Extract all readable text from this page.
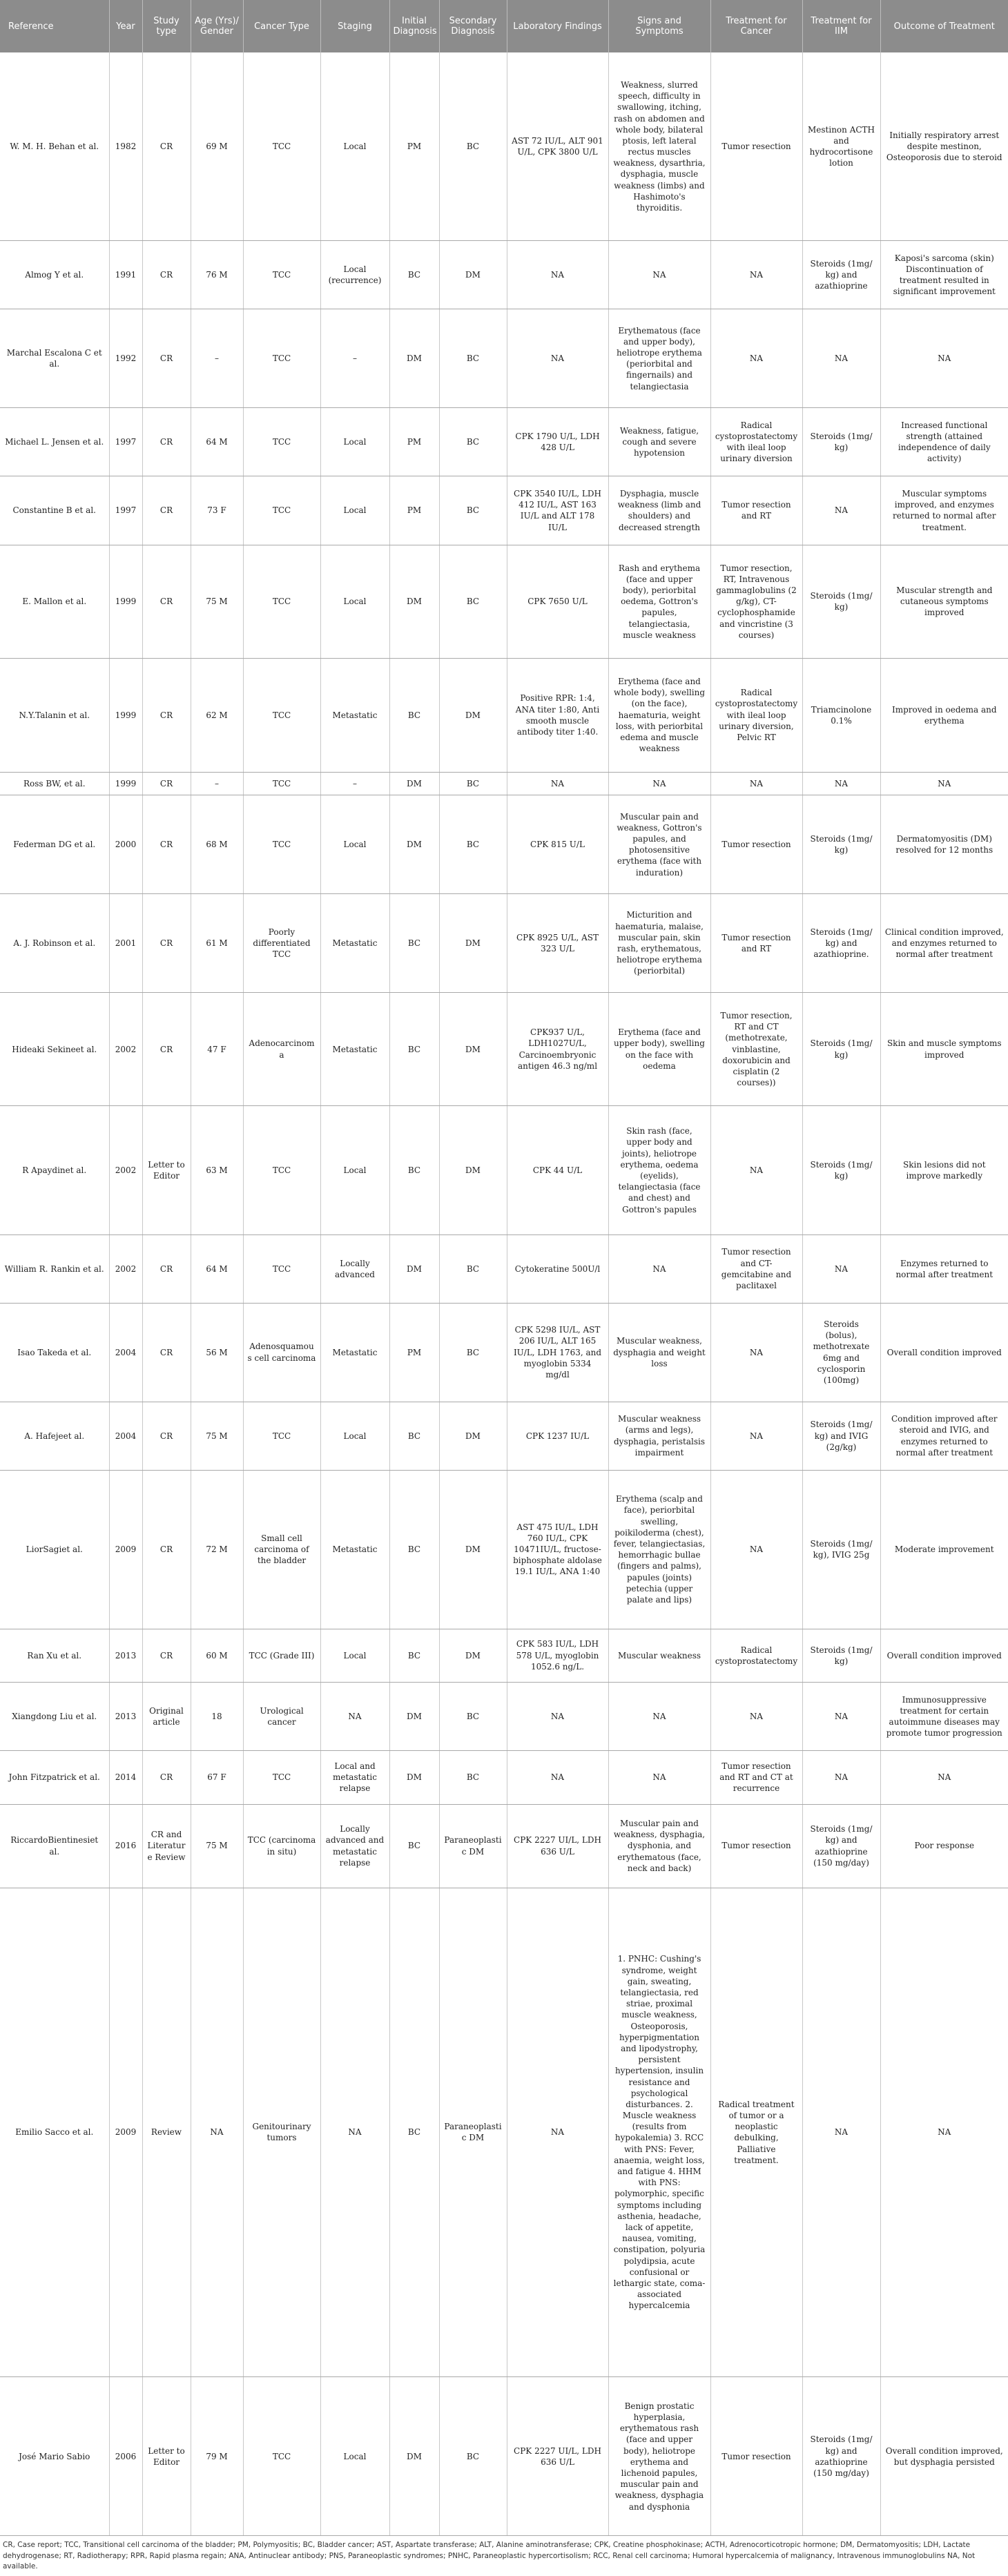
Reference	Year	Study type	Age (Yrs)/ Gender	Cancer Type	Staging	Initial Diagnosis	Secondary Diagnosis	Laboratory Findings	Signs and Symptoms	Treatment for Cancer	Treatment for IIM	Outcome of Treatment
W. M. H. Behan et al.	1982	CR	69 M	TCC	Local	PM	BC	AST 72 IU/L, ALT 901 U/L, CPK 3800 U/L	Weakness, slurred speech, difficulty in swallowing, itching, rash on abdomen and whole body, bilateral ptosis, left lateral rectus muscles weakness, dysarthria, dysphagia, muscle weakness (limbs) and Hashimoto's thyroiditis.	Tumor resection	Mestinon ACTH and hydrocortisone lotion	Initially respiratory arrest despite mestinon, Osteoporosis due to steroid
Almog Y et al.	1991	CR	76 M	TCC	Local (recurrence)	BC	DM	NA	NA	NA	Steroids (1mg/ kg) and azathioprine	Kaposi's sarcoma (skin) Discontinuation of treatment resulted in significant improvement
Marchal Escalona C et al.	1992	CR	–	TCC	–	DM	BC	NA	Erythematous (face and upper body), heliotrope erythema (periorbital and fingernails) and telangiectasia	NA	NA	NA
Michael L. Jensen et al.	1997	CR	64 M	TCC	Local	PM	BC	CPK 1790 U/L, LDH 428 U/L	Weakness, fatigue, cough and severe hypotension	Radical cystoprostatectomy with ileal loop urinary diversion	Steroids (1mg/ kg)	Increased functional strength (attained independence of daily activity)
Constantine B et al.	1997	CR	73 F	TCC	Local	PM	BC	CPK 3540 IU/L, LDH 412 IU/L, AST 163 IU/L and ALT 178 IU/L	Dysphagia, muscle weakness (limb and shoulders) and decreased strength	Tumor resection and RT	NA	Muscular symptoms improved, and enzymes returned to normal after treatment.
E. Mallon et al.	1999	CR	75 M	TCC	Local	DM	BC	CPK 7650 U/L	Rash and erythema (face and upper body), periorbital oedema, Gottron's papules, telangiectasia, muscle weakness	Tumor resection, RT, Intravenous gammaglobulins (2 g/kg), CT- cyclophosphamide and vincristine (3 courses)	Steroids (1mg/ kg)	Muscular strength and cutaneous symptoms improved
N.Y.Talanin et al.	1999	CR	62 M	TCC	Metastatic	BC	DM	Positive RPR: 1:4, ANA titer 1:80, Anti smooth muscle antibody titer 1:40.	Erythema (face and whole body), swelling (on the face), haematuria, weight loss, with periorbital edema and muscle weakness	Radical cystoprostatectomy with ileal loop urinary diversion, Pelvic RT	Triamcinolone 0.1%	Improved in oedema and erythema
Ross BW, et al.	1999	CR	–	TCC	–	DM	BC	NA	NA	NA	NA	NA
Federman DG et al.	2000	CR	68 M	TCC	Local	DM	BC	CPK 815 U/L	Muscular pain and weakness, Gottron's papules, and photosensitive erythema (face with induration)	Tumor resection	Steroids (1mg/ kg)	Dermatomyositis (DM) resolved for 12 months
A. J. Robinson et al.	2001	CR	61 M	Poorly differentiated TCC	Metastatic	BC	DM	CPK 8925 U/L, AST 323 U/L	Micturition and haematuria, malaise, muscular pain, skin rash, erythematous, heliotrope erythema (periorbital)	Tumor resection and RT	Steroids (1mg/ kg) and azathioprine.	Clinical condition improved, and enzymes returned to normal after treatment
Hideaki Sekineet al.	2002	CR	47 F	Adenocarcinoma	Metastatic	BC	DM	CPK937 U/L, LDH1027U/L, Carcinoembryonic antigen 46.3 ng/ml	Erythema (face and upper body), swelling on the face with oedema	Tumor resection, RT and CT (methotrexate, vinblastine, doxorubicin and cisplatin (2 courses))	Steroids (1mg/ kg)	Skin and muscle symptoms improved
R Apaydinet al.	2002	Letter to Editor	63 M	TCC	Local	BC	DM	CPK 44 U/L	Skin rash (face, upper body and joints), heliotrope erythema, oedema (eyelids), telangiectasia (face and chest) and Gottron's papules	NA	Steroids (1mg/ kg)	Skin lesions did not improve markedly
William R. Rankin et al.	2002	CR	64 M	TCC	Locally advanced	DM	BC	Cytokeratine 500U/l	NA	Tumor resection and CT- gemcitabine and paclitaxel	NA	Enzymes returned to normal after treatment
Isao Takeda et al.	2004	CR	56 M	Adenosquamous cell carcinoma	Metastatic	PM	BC	CPK 5298 IU/L, AST 206 IU/L, ALT 165 IU/L, LDH 1763, and myoglobin 5334 mg/dl	Muscular weakness, dysphagia and weight loss	NA	Steroids (bolus), methotrexate 6mg and cyclosporin (100mg)	Overall condition improved
A. Hafejeet al.	2004	CR	75 M	TCC	Local	BC	DM	CPK 1237 IU/L	Muscular weakness (arms and legs), dysphagia, peristalsis impairment	NA	Steroids (1mg/ kg) and IVIG (2g/kg)	Condition improved after steroid and IVIG, and enzymes returned to normal after treatment
LiorSagiet al.	2009	CR	72 M	Small cell carcinoma of the bladder	Metastatic	BC	DM	AST 475 IU/L, LDH 760 IU/L, CPK 10471IU/L, fructose-biphosphate aldolase 19.1 IU/L, ANA 1:40	Erythema (scalp and face), periorbital swelling, poikiloderma (chest), fever, telangiectasias, hemorrhagic bullae (fingers and palms), papules (joints) petechia (upper palate and lips)	NA	Steroids (1mg/ kg), IVIG 25g	Moderate improvement
Ran Xu et al.	2013	CR	60 M	TCC (Grade III)	Local	BC	DM	CPK 583 IU/L, LDH 578 U/L, myoglobin 1052.6 ng/L.	Muscular weakness	Radical cystoprostatectomy	Steroids (1mg/ kg)	Overall condition improved
Xiangdong Liu et al.	2013	Original article	18	Urological cancer	NA	DM	BC	NA	NA	NA	NA	Immunosuppressive treatment for certain autoimmune diseases may promote tumor progression
John Fitzpatrick et al.	2014	CR	67 F	TCC	Local and metastatic relapse	DM	BC	NA	NA	Tumor resection and RT and CT at recurrence	NA	NA
RiccardoBientinesiet al.	2016	CR and Literature Review	75 M	TCC (carcinoma in situ)	Locally advanced and metastatic relapse	BC	Paraneoplastic DM	CPK 2227 UI/L, LDH 636 U/L	Muscular pain and weakness, dysphagia, dysphonia, and erythematous (face, neck and back)	Tumor resection	Steroids (1mg/ kg) and azathioprine (150 mg/day)	Poor response
Emilio Sacco et al.	2009	Review	NA	Genitourinary tumors	NA	BC	Paraneoplastic DM	NA	1. PNHC: Cushing's syndrome, weight gain, sweating, telangiectasia, red striae, proximal muscle weakness, Osteoporosis, hyperpigmentation and lipodystrophy, persistent hypertension, insulin resistance and psychological disturbances. 2. Muscle weakness (results from hypokalemia) 3. RCC with PNS: Fever, anaemia, weight loss, and fatigue 4. HHM with PNS: polymorphic, specific symptoms including asthenia, headache, lack of appetite, nausea, vomiting, constipation, polyuria polydipsia, acute confusional or lethargic state, coma-associated hypercalcemia	Radical treatment of tumor or a neoplastic debulking, Palliative treatment.	NA	NA
José Mario Sabio	2006	Letter to Editor	79 M	TCC	Local	DM	BC	CPK 2227 UI/L, LDH 636 U/L	Benign prostatic hyperplasia, erythematous rash (face and upper body), heliotrope erythema and lichenoid papules, muscular pain and weakness, dysphagia and dysphonia	Tumor resection	Steroids (1mg/ kg) and azathioprine (150 mg/day)	Overall condition improved, but dysphagia persisted
CR, Case report; TCC, Transitional cell carcinoma of the bladder; PM, Polymyositis; BC, Bladder cancer; AST, Aspartate transferase; ALT, Alanine aminotransferase; CPK, Creatine phosphokinase; ACTH, Adrenocorticotropic hormone; DM, Dermatomyositis; LDH, Lactate dehydrogenase; RT, Radiotherapy; RPR, Rapid plasma regain; ANA, Antinuclear antibody; PNS, Paraneoplastic syndromes; PNHC, Paraneoplastic hypercortisolism; RCC, Renal cell carcinoma; Humoral hypercalcemia of malignancy, Intravenous immunoglobulins NA, Not available.
